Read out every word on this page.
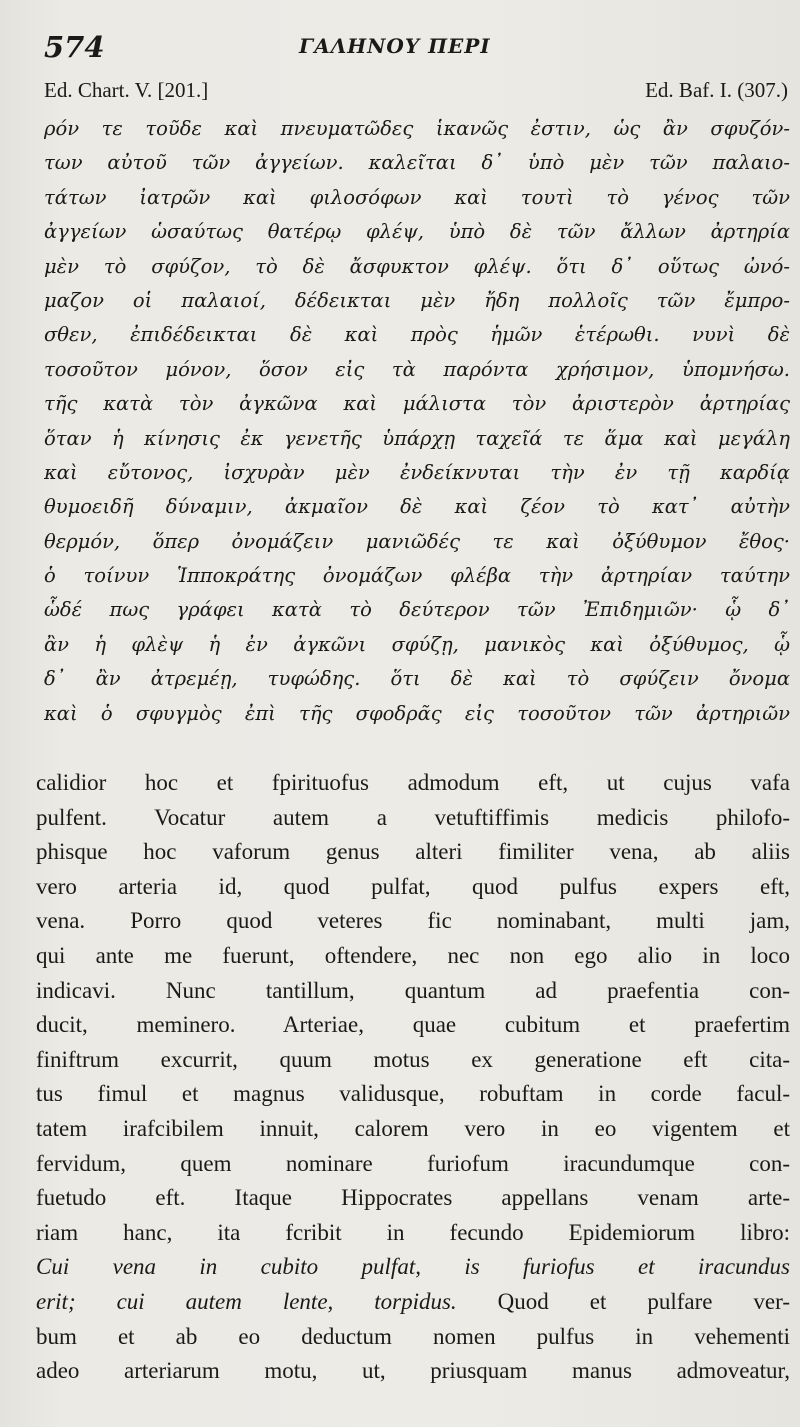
574	ΓΑΛΗΝΟΥ ΠΕΡΙ
Ed. Chart. V. [201.]	Ed. Baf. I. (307.)
ρόν τε τοῦδε καὶ πνευματῶδες ἱκανῶς ἐστιν, ὡς ἂν σφυζόν-
των αὐτοῦ τῶν ἀγγείων. καλεῖται δ᾽ ὑπὸ μὲν τῶν παλαιο-
τάτων ἰατρῶν καὶ φιλοσόφων καὶ τουτὶ τὸ γένος τῶν
ἀγγείων ὡσαύτως θατέρῳ φλέψ, ὑπὸ δὲ τῶν ἄλλων ἀρτηρία
μὲν τὸ σφύζον, τὸ δὲ ἄσφυκτον φλέψ. ὅτι δ᾽ οὕτως ὠνό-
μαζον οἱ παλαιοί, δέδεικται μὲν ἤδη πολλοῖς τῶν ἔμπρο-
σθεν, ἐπιδέδεικται δὲ καὶ πρὸς ἡμῶν ἑτέρωθι. νυνὶ δὲ
τοσοῦτον μόνον, ὅσον εἰς τὰ παρόντα χρήσιμον, ὑπομνήσω.
τῆς κατὰ τὸν ἀγκῶνα καὶ μάλιστα τὸν ἀριστερὸν ἀρτηρίας
ὅταν ἡ κίνησις ἐκ γενετῆς ὑπάρχῃ ταχεῖά τε ἅμα καὶ μεγάλη
καὶ εὔτονος, ἰσχυρὰν μὲν ἐνδείκνυται τὴν ἐν τῇ καρδίᾳ
θυμοειδῆ δύναμιν, ἀκμαῖον δὲ καὶ ζέον τὸ κατ᾽ αὐτὴν
θερμόν, ὅπερ ὀνομάζειν μανιῶδές τε καὶ ὀξύθυμον ἔθος·
ὁ τοίνυν Ἱπποκράτης ὀνομάζων φλέβα τὴν ἀρτηρίαν ταύτην
ὧδέ πως γράφει κατὰ τὸ δεύτερον τῶν Ἐπιδημιῶν· ᾧ δ᾽
ἂν ἡ φλὲψ ἡ ἐν ἀγκῶνι σφύζῃ, μανικὸς καὶ ὀξύθυμος, ᾧ
δ᾽ ἂν ἀτρεμέῃ, τυφώδης. ὅτι δὲ καὶ τὸ σφύζειν ὄνομα
καὶ ὁ σφυγμὸς ἐπὶ τῆς σφοδρᾶς εἰς τοσοῦτον τῶν ἀρτηριῶν
calidior hoc et fpirituofus admodum eft, ut cujus vafa
pulfent. Vocatur autem a vetuftiffimis medicis philofo-
phisque hoc vaforum genus alteri fimiliter vena, ab aliis
vero arteria id, quod pulfat, quod pulfus expers eft,
vena. Porro quod veteres fic nominabant, multi jam,
qui ante me fuerunt, oftendere, nec non ego alio in loco
indicavi. Nunc tantillum, quantum ad praefentia con-
ducit, meminero. Arteriae, quae cubitum et praefertim
finiftrum excurrit, quum motus ex generatione eft cita-
tus fimul et magnus validusque, robuftam in corde facul-
tatem irafcibilem innuit, calorem vero in eo vigentem et
fervidum, quem nominare furiofum iracundumque con-
fuetudo eft. Itaque Hippocrates appellans venam arte-
riam hanc, ita fcribit in fecundo Epidemiorum libro:
Cui vena in cubito pulfat, is furiofus et iracundus
erit; cui autem lente, torpidus. Quod et pulfare ver-
bum et ab eo deductum nomen pulfus in vehementi
adeo arteriarum motu, ut, priusquam manus admoveatur,
